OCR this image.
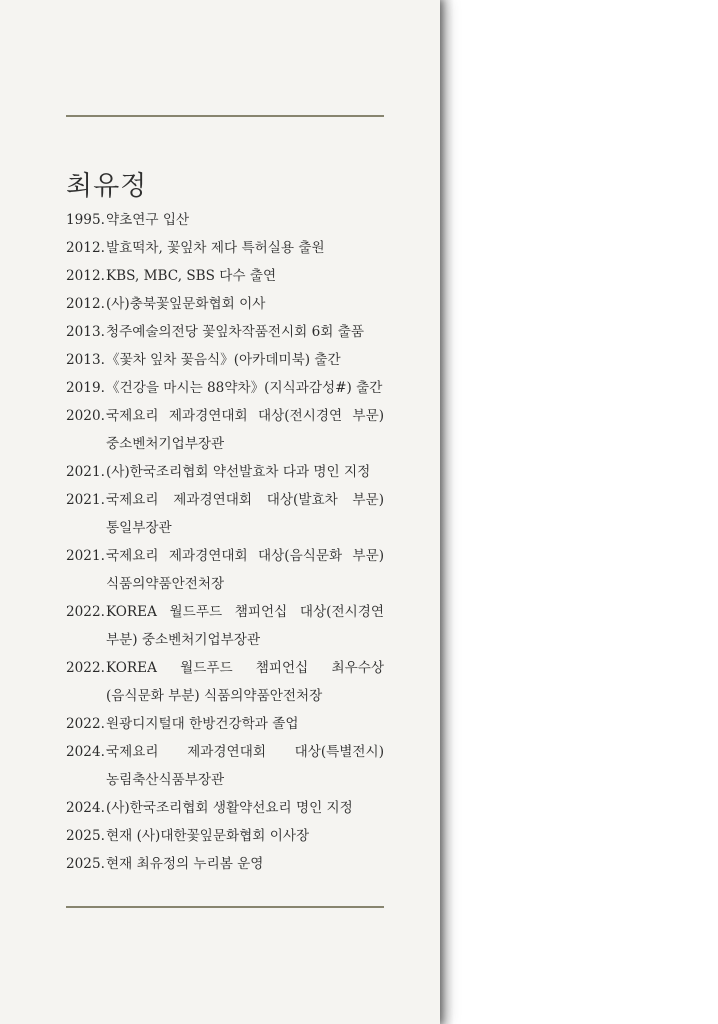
최유정
1995. 약초연구 입산
2012. 발효떡차, 꽃잎차 제다 특허실용 출원
2012. KBS, MBC, SBS 다수 출연
2012. (사)충북꽃잎문화협회 이사
2013. 청주예술의전당 꽃잎차작품전시회 6회 출품
2013. 《꽃차 잎차 꽃음식》(아카데미북) 출간
2019. 《건강을 마시는 88약차》(지식과감성#) 출간
2020. 국제요리 제과경연대회 대상(전시경연 부문) 중소벤처기업부장관
2021. (사)한국조리협회 약선발효차 다과 명인 지정
2021. 국제요리 제과경연대회 대상(발효차 부문) 통일부장관
2021. 국제요리 제과경연대회 대상(음식문화 부문) 식품의약품안전처장
2022. KOREA 월드푸드 챔피언십 대상(전시경연 부분) 중소벤처기업부장관
2022. KOREA 월드푸드 챔피언십 최우수상(음식문화 부분) 식품의약품안전처장
2022. 원광디지털대 한방건강학과 졸업
2024. 국제요리 제과경연대회 대상(특별전시) 농림축산식품부장관
2024. (사)한국조리협회 생활약선요리 명인 지정
2025. 현재 (사)대한꽃잎문화협회 이사장
2025. 현재 최유정의 누리봄 운영
